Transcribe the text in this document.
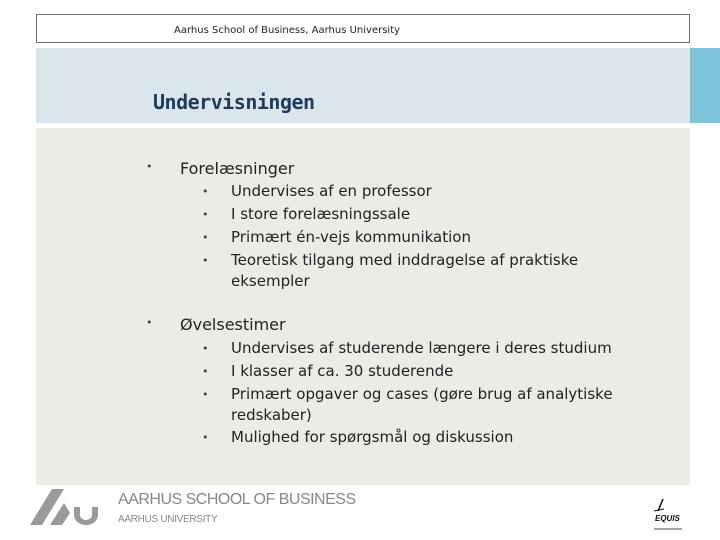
Aarhus School of Business, Aarhus University
Undervisningen
• Forelæsninger
• Undervises af en professor
• I store forelæsningssale
• Primært én-vejs kommunikation
• Teoretisk tilgang med inddragelse af praktiske eksempler
• Øvelsestimer
• Undervises af studerende længere i deres studium
• I klasser af ca. 30 studerende
• Primært opgaver og cases (gøre brug af analytiske redskaber)
• Mulighed for spørgsmål og diskussion
AARHUS SCHOOL OF BUSINESS
AARHUS UNIVERSITY	EQUIS
